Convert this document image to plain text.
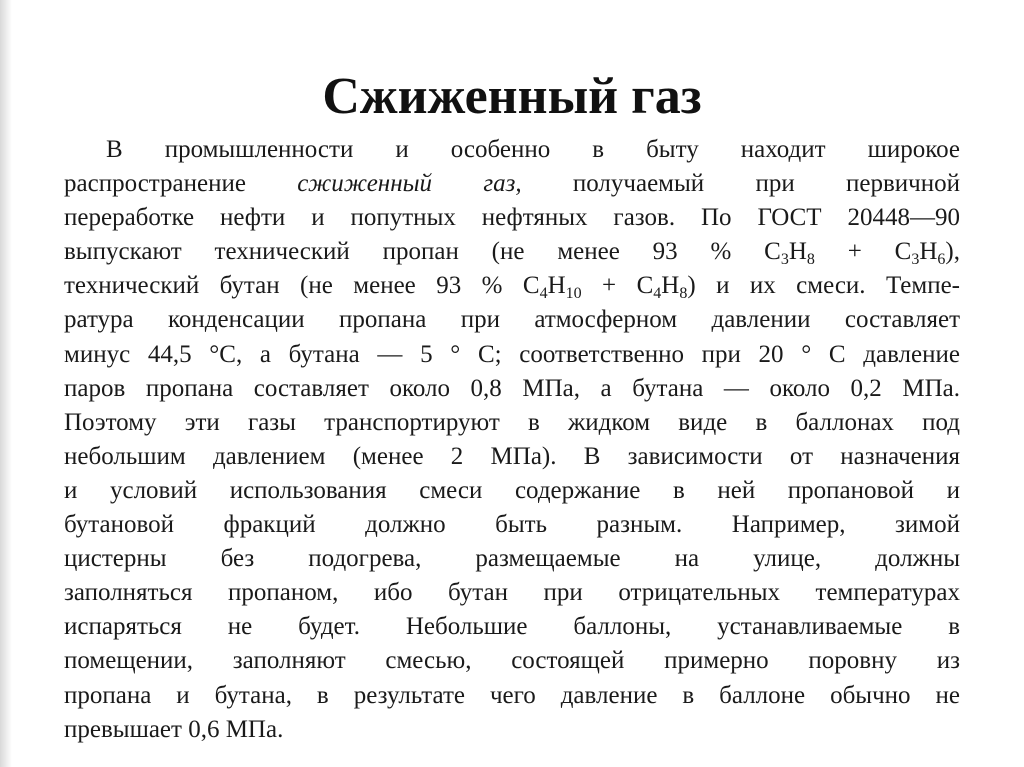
Сжиженный газ
В промышленности и особенно в быту находит широкое
распространение сжиженный газ, получаемый при первичной
переработке нефти и попутных нефтяных газов. По ГОСТ 20448—90
выпускают технический пропан (не менее 93 % $С_3Н_8 + С_3Н_6$),
технический бутан (не менее 93 % $С_4Н_{10} + С_4Н_8$) и их смеси. Темпе-
ратура конденсации пропана при атмосферном давлении составляет
минус 44,5 °С, а бутана — 5 ° С; соответственно при 20 ° С давление
паров пропана составляет около 0,8 МПа, а бутана — около 0,2 МПа.
Поэтому эти газы транспортируют в жидком виде в баллонах под
небольшим давлением (менее 2 МПа). В зависимости от назначения
и условий использования смеси содержание в ней пропановой и
бутановой фракций должно быть разным. Например, зимой
цистерны без подогрева, размещаемые на улице, должны
заполняться пропаном, ибо бутан при отрицательных температурах
испаряться не будет. Небольшие баллоны, устанавливаемые в
помещении, заполняют смесью, состоящей примерно поровну из
пропана и бутана, в результате чего давление в баллоне обычно не
превышает 0,6 МПа.
